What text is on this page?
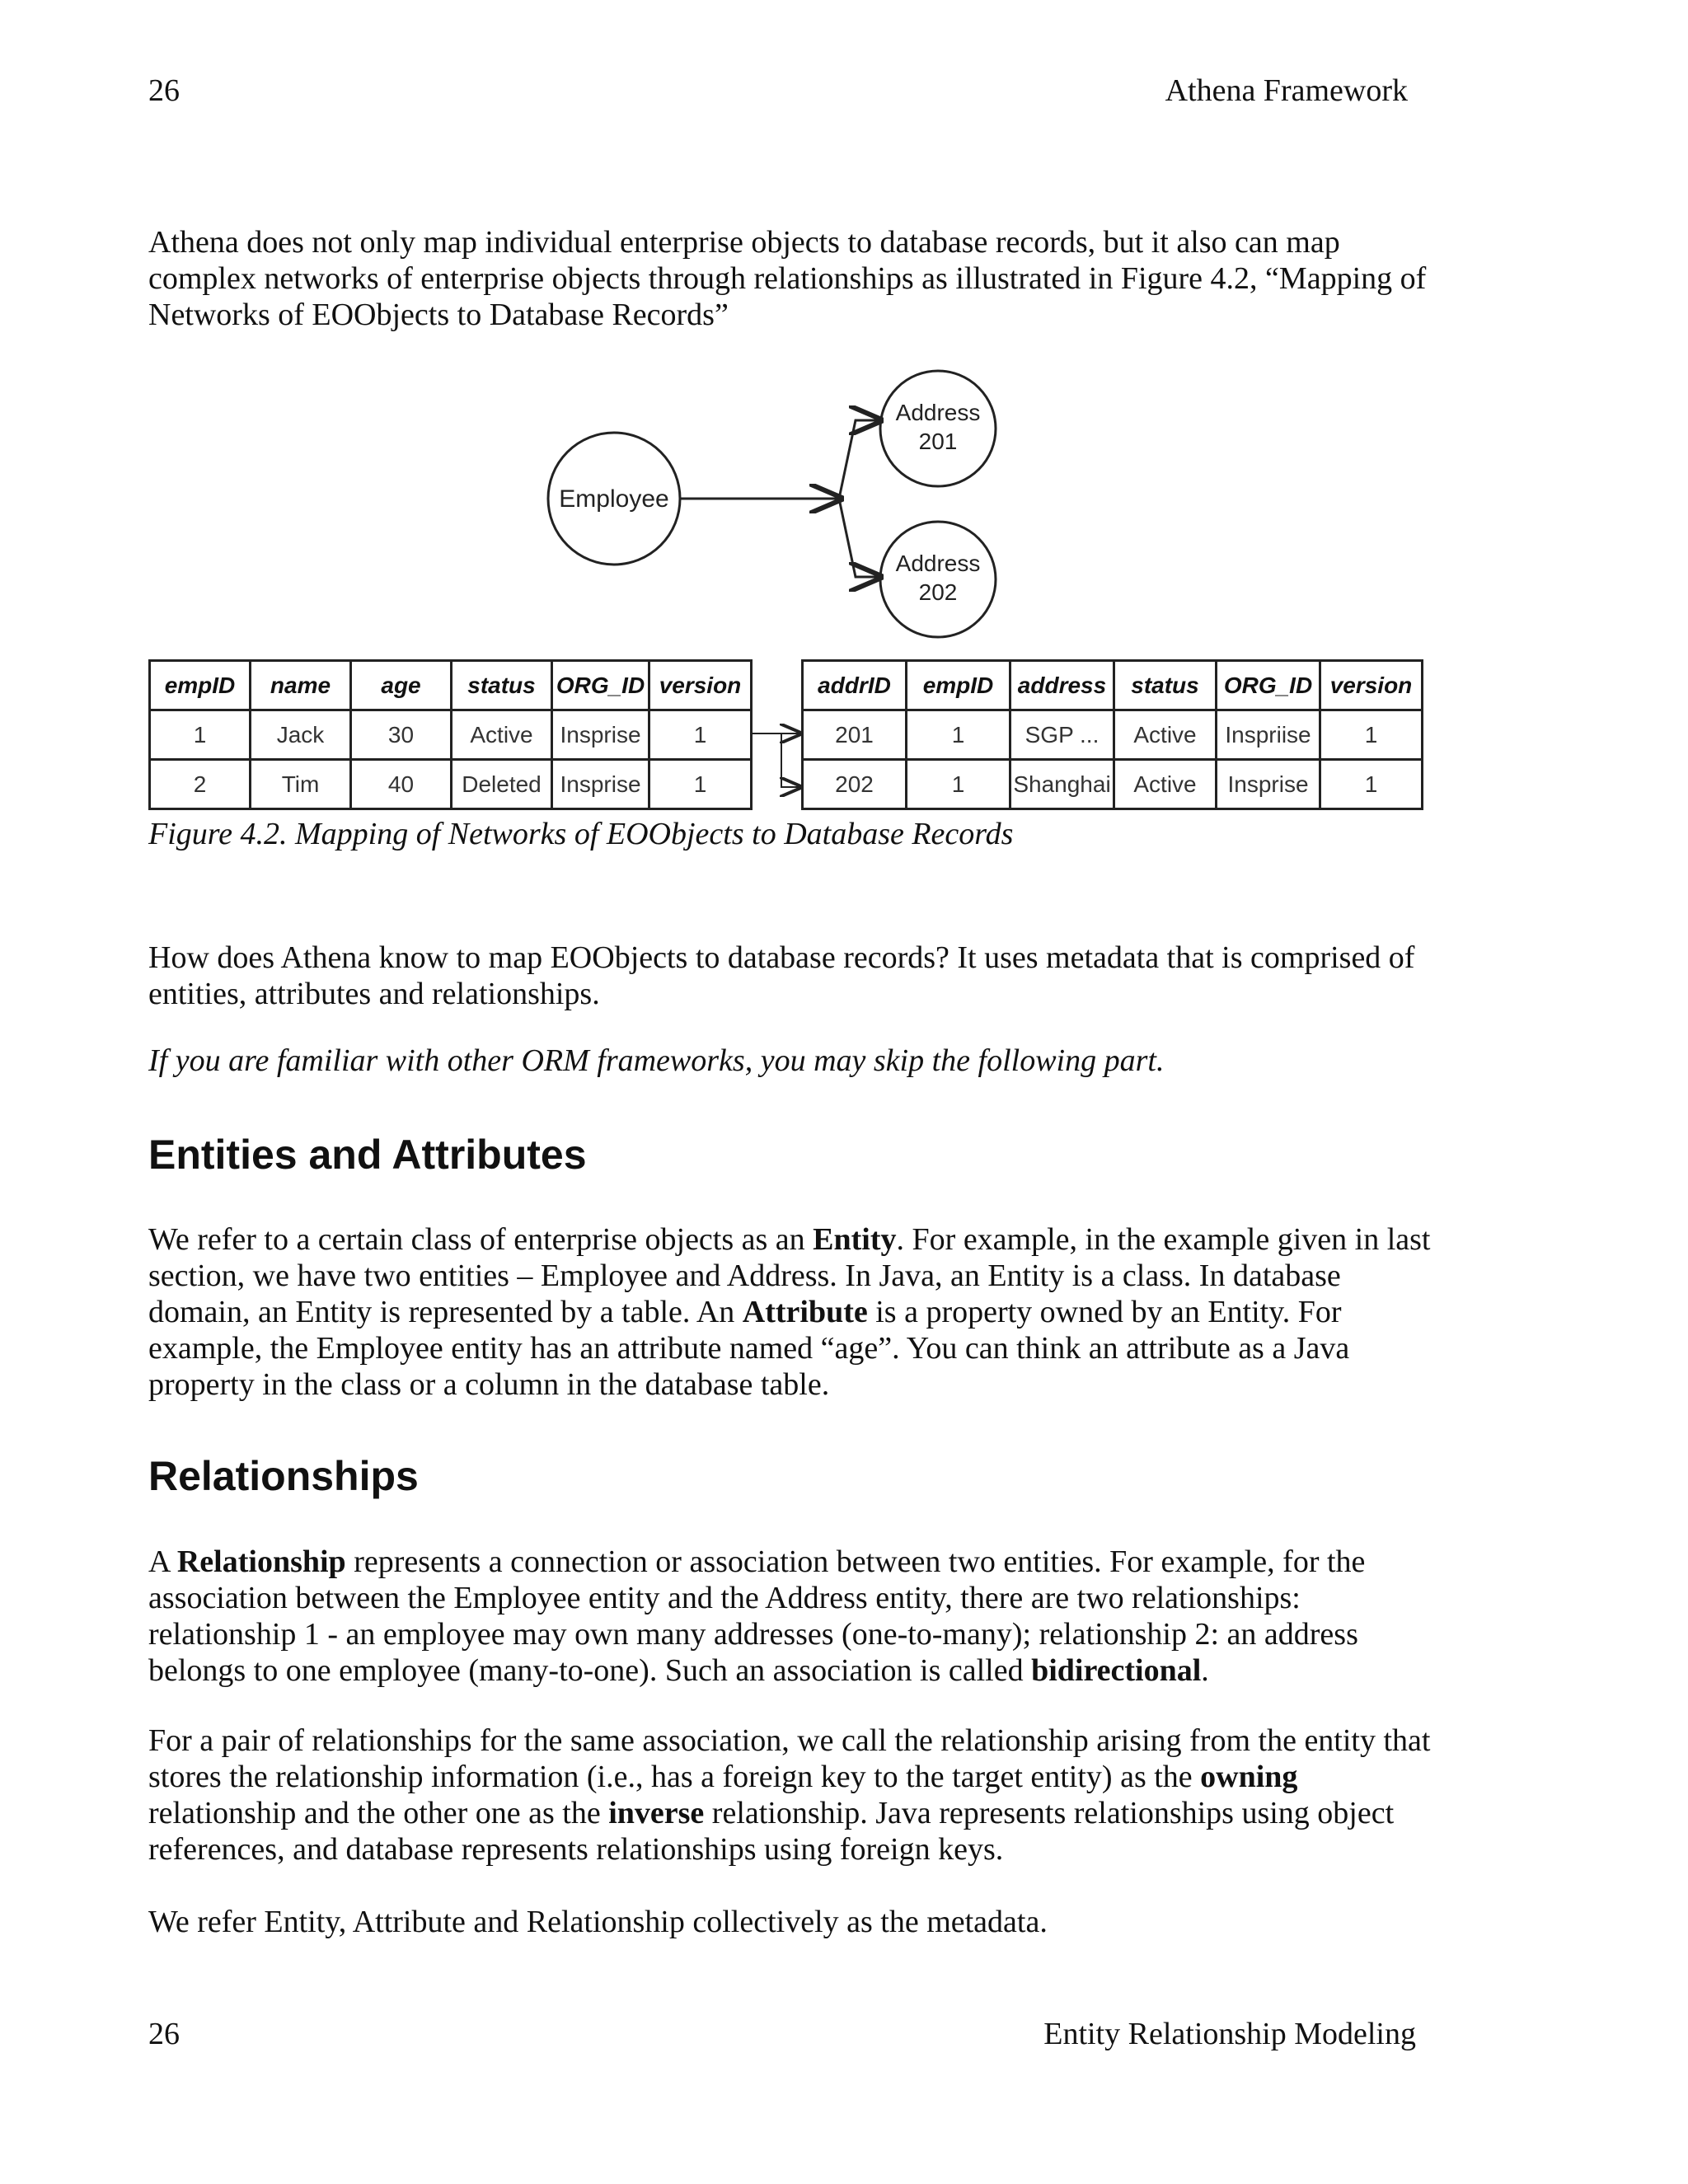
26	Athena Framework

Athena does not only map individual enterprise objects to database records, but it also can map complex networks of enterprise objects through relationships as illustrated in Figure 4.2, “Mapping of Networks of EOObjects to Database Records”

Employee
Address
201
Address
202
empID	name	age	status	ORG_ID	version
1	Jack	30	Active	Insprise	1
2	Tim	40	Deleted	Insprise	1
addrID	empID	address	status	ORG_ID	version
201	1	SGP ...	Active	Inspriise	1
202	1	Shanghai	Active	Insprise	1

Figure 4.2. Mapping of Networks of EOObjects to Database Records

How does Athena know to map EOObjects to database records? It uses metadata that is comprised of entities, attributes and relationships.

If you are familiar with other ORM frameworks, you may skip the following part.

Entities and Attributes

We refer to a certain class of enterprise objects as an Entity. For example, in the example given in last section, we have two entities – Employee and Address. In Java, an Entity is a class. In database domain, an Entity is represented by a table. An Attribute is a property owned by an Entity. For example, the Employee entity has an attribute named “age”. You can think an attribute as a Java property in the class or a column in the database table.

Relationships

A Relationship represents a connection or association between two entities. For example, for the association between the Employee entity and the Address entity, there are two relationships: relationship 1 - an employee may own many addresses (one-to-many); relationship 2: an address belongs to one employee (many-to-one). Such an association is called bidirectional.

For a pair of relationships for the same association, we call the relationship arising from the entity that stores the relationship information (i.e., has a foreign key to the target entity) as the owning relationship and the other one as the inverse relationship. Java represents relationships using object references, and database represents relationships using foreign keys.

We refer Entity, Attribute and Relationship collectively as the metadata.

26	Entity Relationship Modeling
